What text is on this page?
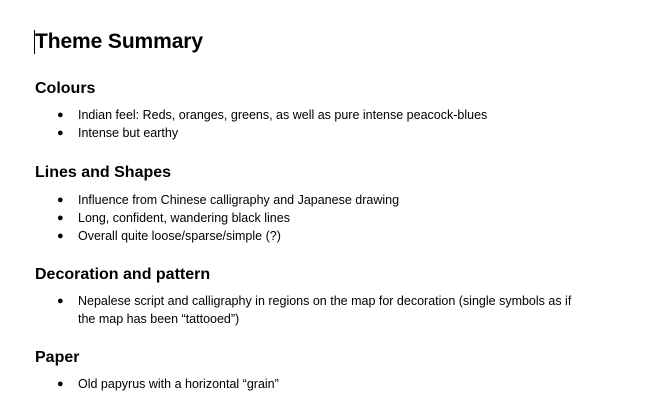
Theme Summary
Colours
● Indian feel: Reds, oranges, greens, as well as pure intense peacock-blues
● Intense but earthy
Lines and Shapes
● Influence from Chinese calligraphy and Japanese drawing
● Long, confident, wandering black lines
● Overall quite loose/sparse/simple (?)
Decoration and pattern
● Nepalese script and calligraphy in regions on the map for decoration (single symbols as if the map has been “tattooed”)
Paper
● Old papyrus with a horizontal “grain”
